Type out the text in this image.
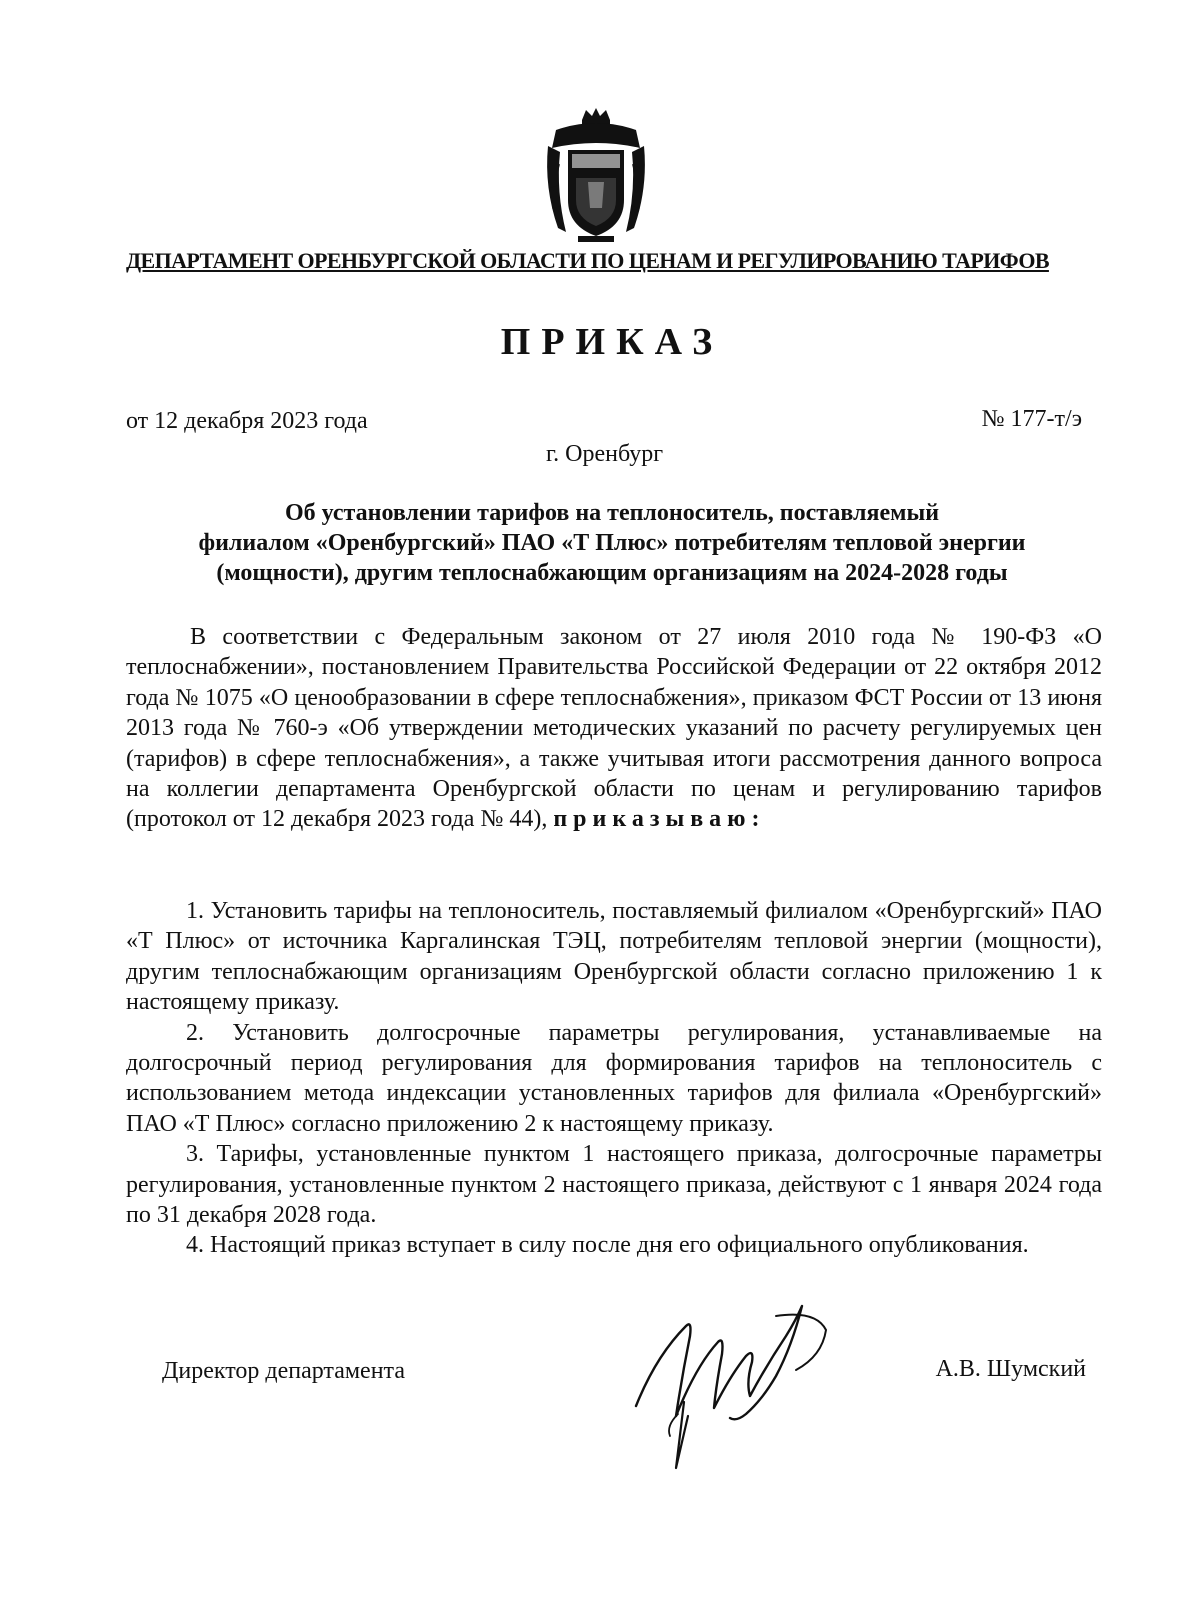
ДЕПАРТАМЕНТ ОРЕНБУРГСКОЙ ОБЛАСТИ ПО ЦЕНАМ И РЕГУЛИРОВАНИЮ ТАРИФОВ
ПРИКАЗ
от 12 декабря 2023 года	№ 177-т/э
г. Оренбург
Об установлении тарифов на теплоноситель, поставляемый
филиалом «Оренбургский» ПАО «Т Плюс» потребителям тепловой энергии
(мощности), другим теплоснабжающим организациям на 2024-2028 годы

В соответствии с Федеральным законом от 27 июля 2010 года № 190-ФЗ «О теплоснабжении», постановлением Правительства Российской Федерации от 22 октября 2012 года № 1075 «О ценообразовании в сфере теплоснабжения», приказом ФСТ России от 13 июня 2013 года № 760-э «Об утверждении методических указаний по расчету регулируемых цен (тарифов) в сфере теплоснабжения», а также учитывая итоги рассмотрения данного вопроса на коллегии департамента Оренбургской области по ценам и регулированию тарифов (протокол от 12 декабря 2023 года № 44), приказываю:

1. Установить тарифы на теплоноситель, поставляемый филиалом «Оренбургский» ПАО «Т Плюс» от источника Каргалинская ТЭЦ, потребителям тепловой энергии (мощности), другим теплоснабжающим организациям Оренбургской области согласно приложению 1 к настоящему приказу.

2. Установить долгосрочные параметры регулирования, устанавливаемые на долгосрочный период регулирования для формирования тарифов на теплоноситель с использованием метода индексации установленных тарифов для филиала «Оренбургский» ПАО «Т Плюс» согласно приложению 2 к настоящему приказу.

3. Тарифы, установленные пунктом 1 настоящего приказа, долгосрочные параметры регулирования, установленные пунктом 2 настоящего приказа, действуют с 1 января 2024 года по 31 декабря 2028 года.

4. Настоящий приказ вступает в силу после дня его официального опубликования.

Директор департамента	А.В. Шумский
